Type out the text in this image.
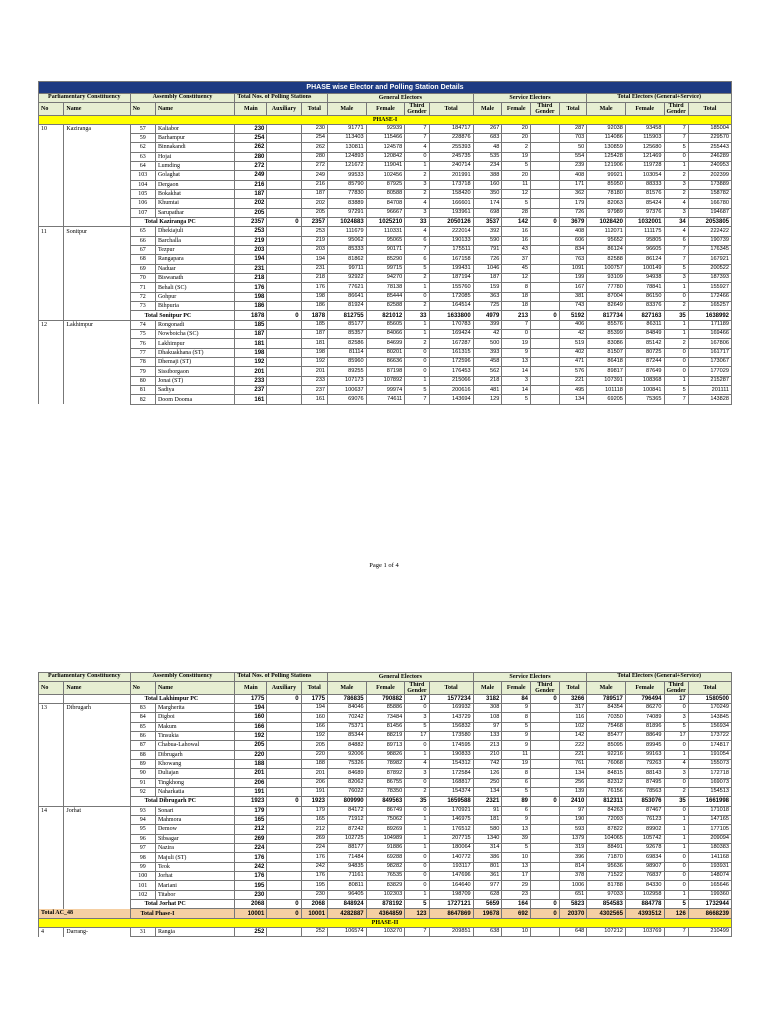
PHASE wise Elector and Polling Station Details																		
Parliamentary Constituency		Assembly Constituency		Total Nos. of Polling Stations			General Electors				Service Electors				Total Electors (General+Service)			
No	Name	No	Name	Main	Auxiliary	Total	Male	Female	Third Gender	Total	Male	Female	Third Gender	Total	Male	Female	Third Gender	Total
PHASE-I																		
10	Kaziranga	57	Kaliabor	230		230	91771	92939	7	184717	267	20		287	92038	93458	7	185004
		59	Barhampur	254		254	113403	115466	7	228876	683	20		703	114086	115903	7	229570
		62	Binnakandi	262		262	130811	124578	4	255393	48	2		50	130859	125680	5	255443
		63	Hojai	280		280	124893	120842	0	245735	535	19		554	125428	121469	0	246289
		64	Lumding	272		272	121672	119041	1	240714	234	5		239	121906	119728	1	240953
		103	Golaghat	249		249	99533	102456	2	201991	388	20		408	99921	103054	2	202399
		104	Dergaon	216		216	85790	87925	3	173718	160	11		171	85950	88333	3	173889
		105	Bokakhat	187		187	77830	80588	2	158420	350	12		362	78180	81576	2	158782
		106	Khumtai	202		202	83889	84708	4	166601	174	5		179	82063	85424	4	166780
		107	Sarupathar	205		205	97291	96667	3	193961	698	28		726	97989	97376	3	194687
		Total Kaziranga PC		2357	0	2357	1024883	1025210	33	2050126	3537	142	0	3679	1028420	1032001	34	2053805
11	Sonitpur	65	Dhekiajuli	253		253	111679	110331	4	222014	392	16		408	112071	111175	4	222422
		66	Barchalla	219		219	95062	95065	6	190133	590	16		606	95652	95805	6	190739
		67	Tezpur	203		203	85333	90171	7	175511	791	43		834	86124	96605	7	176345
		68	Rangapara	194		194	81862	85290	6	167158	726	37		763	82588	86124	7	167921
		69	Naduar	231		231	99711	99715	5	199431	1046	45		1091	100757	100149	5	200522
		70	Biswanath	218		218	92922	94270	2	187194	187	12		199	93109	94938	3	187393
		71	Behali (SC)	176		176	77621	78138	1	155760	159	8		167	77780	78841	1	155927
		72	Gohpur	198		198	86641	85444	0	172085	363	18		381	87004	86150	0	172466
		73	Bihpuria	186		186	81924	82588	2	164514	725	18		743	82649	83376	2	165257
		Total Sonitpur PC		1878	0	1878	812755	821012	33	1633800	4979	213	0	5192	817734	827163	35	1638992
12	Lakhimpur	74	Rongonadi	185		185	85177	85605	1	170783	399	7		406	85576	86311	1	171189
		75	Nowboicha (SC)	187		187	85357	84066	1	169424	42	0		42	85399	84849	1	169466
		76	Lakhimpur	181		181	82586	84699	2	167287	500	19		519	83086	85142	2	167806
		77	Dhakuakhana (ST)	198		198	81114	80201	0	161315	393	9		402	81507	80725	0	161717
		78	Dhemaji (ST)	192		192	85960	86636	0	172596	458	13		471	86418	87244	0	173067
		79	Sissiborgaon	201		201	89255	87198	0	176453	562	14		576	89817	87649	0	177029
		80	Jonai (ST)	233		233	107173	107892	1	215066	218	3		221	107391	108368	1	215287
		81	Sadiya	237		237	100637	99974	5	200616	481	14		495	101118	100841	5	201111
		82	Doom Dooma	161		161	69076	74611	7	143694	129	5		134	69205	75365	7	143828
Page 1 of 4
Parliamentary Constituency		Assembly Constituency		Total Nos. of Polling Stations			General Electors				Service Electors				Total Electors (General+Service)			
No	Name	No	Name	Main	Auxiliary	Total	Male	Female	Third Gender	Total	Male	Female	Third Gender	Total	Male	Female	Third Gender	Total
		Total Lakhimpur PC		1775	0	1775	786835	790882	17	1577234	3182	84	0	3266	789517	796494	17	1580500
13	Dibrugarh	83	Margherita	194		194	84046	85886	0	169932	308	9		317	84354	86270	0	170249
		84	Digboi	160		160	70242	73484	3	143729	108	8		116	70350	74089	3	143845
		85	Makum	166		166	75371	81456	5	156832	97	5		102	75468	81896	5	156934
		86	Tinsukia	192		192	85344	88219	17	173580	133	9		142	85477	88649	17	173722
		87	Chabua-Lahowal	205		205	84882	89713	0	174595	213	9		222	85095	89945	0	174817
		88	Dibrugarh	220		220	92006	98826	1	190833	210	11		221	92216	99163	1	191054
		89	Khowang	188		188	75326	78982	4	154312	742	19		761	76068	79263	4	155073
		90	Duliajan	201		201	84689	87892	3	172584	126	8		134	84815	88143	3	172718
		91	Tingkhong	206		206	82062	86755	0	168817	250	6		256	82312	87495	0	169073
		92	Naharkatia	191		191	76022	78350	2	154374	134	5		139	76156	78563	2	154513
		Total Dibrugarh PC		1923	0	1923	809990	849563	35	1659588	2321	89	0	2410	812311	853076	35	1661998
14	Jorhat	93	Sonari	179		179	84172	86749	0	170921	91	6		97	84263	87467	0	171018
		94	Mahmora	165		165	71912	75062	1	146975	181	9		190	72093	76123	1	147165
		95	Demow	212		212	87242	89269	1	176512	580	13		593	87822	89902	1	177105
		96	Sibsagar	269		269	102725	104989	1	207715	1340	39		1379	104065	105742	1	209094
		97	Nazira	224		224	88177	91886	1	180064	314	5		319	88491	92678	1	180383
		98	Majuli (ST)	176		176	71484	69288	0	140772	386	10		396	71870	69834	0	141168
		99	Teok	242		242	94835	98282	0	193117	801	13		814	95636	98907	0	193931
		100	Jorhat	176		176	71161	76535	0	147696	361	17		378	71522	76837	0	148074
		101	Mariani	195		195	80811	83829	0	164640	977	29		1006	81788	84330	0	165646
		102	Titabor	230		230	96405	102303	1	198709	628	23		651	97033	102958	1	199360
		Total Jorhat PC		2068	0	2068	848924	878192	5	1727121	5659	164	0	5823	854583	884778	5	1732944
Total AC_48		Total Phase-I		10001	0	10001	4282887	4364859	123	8647869	19678	692	0	20370	4302565	4393512	126	8668239
PHASE-II																		
4	Darrang-	31	Rangia	252		252	106574	103270	7	209851	638	10		648	107212	103769	7	210499
